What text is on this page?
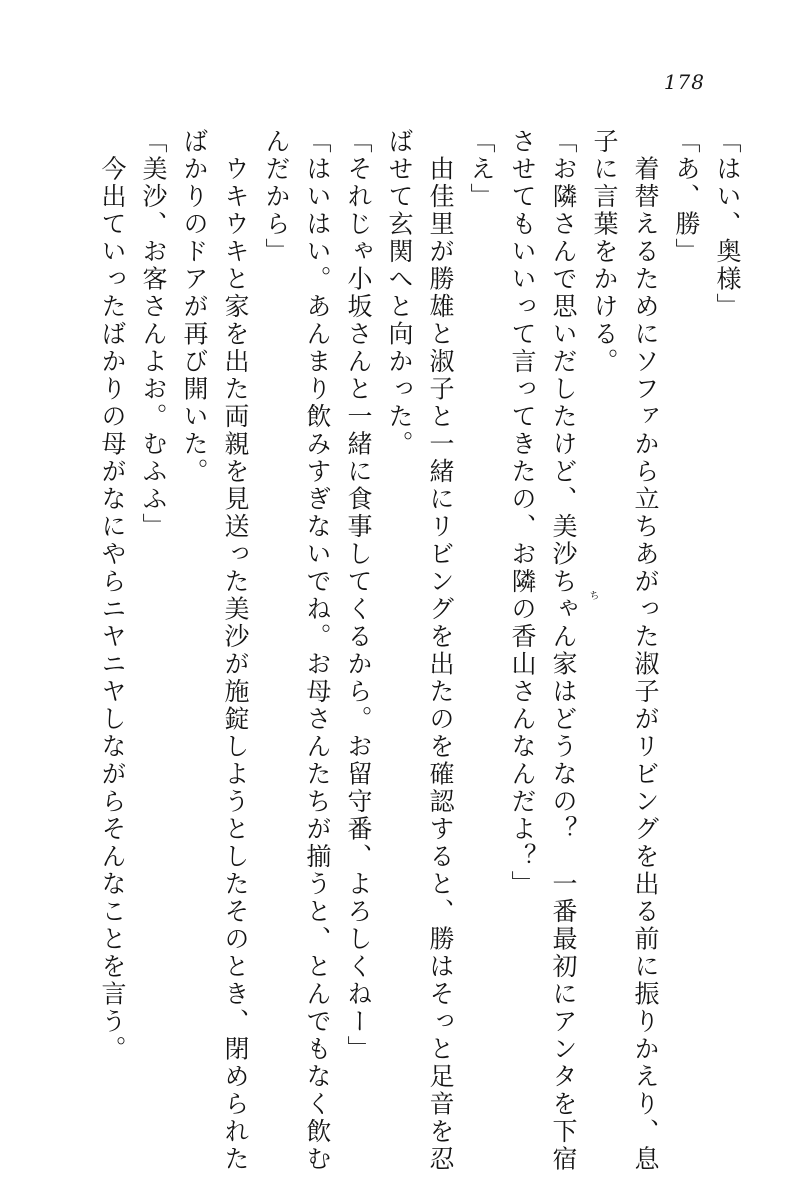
178
「はい、奥様」
「あ、勝」
　着替えるためにソファから立ちあがった淑子がリビングを出る前に振りかえり、息
子に言葉をかける。
「お隣さんで思いだしたけど、美沙ちゃん家はどうなの？　一番最初にアンタを下宿
させてもいいって言ってきたの、お隣の香山さんなんだよ？」
「え」
　由佳里が勝雄と淑子と一緒にリビングを出たのを確認すると、勝はそっと足音を忍
ばせて玄関へと向かった。
「それじゃ小坂さんと一緒に食事してくるから。お留守番、よろしくねー」
「はいはい。あんまり飲みすぎないでね。お母さんたちが揃うと、とんでもなく飲む
んだから」
　ウキウキと家を出た両親を見送った美沙が施錠しようとしたそのとき、閉められた
ばかりのドアが再び開いた。
「美沙、お客さんよお。むふふ」
　今出ていったばかりの母がなにやらニヤニヤしながらそんなことを言う。	ち
